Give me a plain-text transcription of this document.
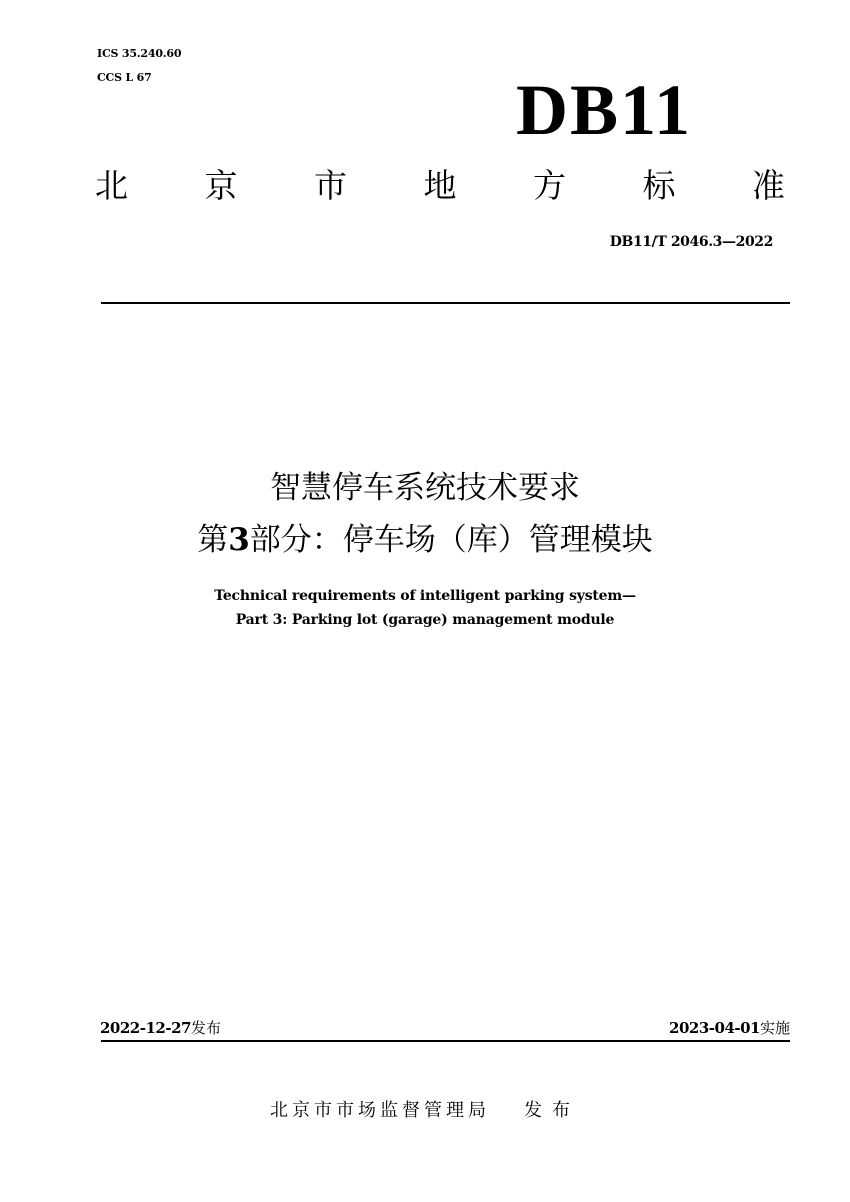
ICS 35.240.60
CCS L 67	DB11
北 京 市 地 方 标 准
DB11/T 2046.3—2022
智慧停车系统技术要求
第3部分：停车场（库）管理模块
Technical requirements of intelligent parking system—
Part 3: Parking lot (garage) management module
2022-12-27发布	2023-04-01实施
北京市市场监督管理局 发布
